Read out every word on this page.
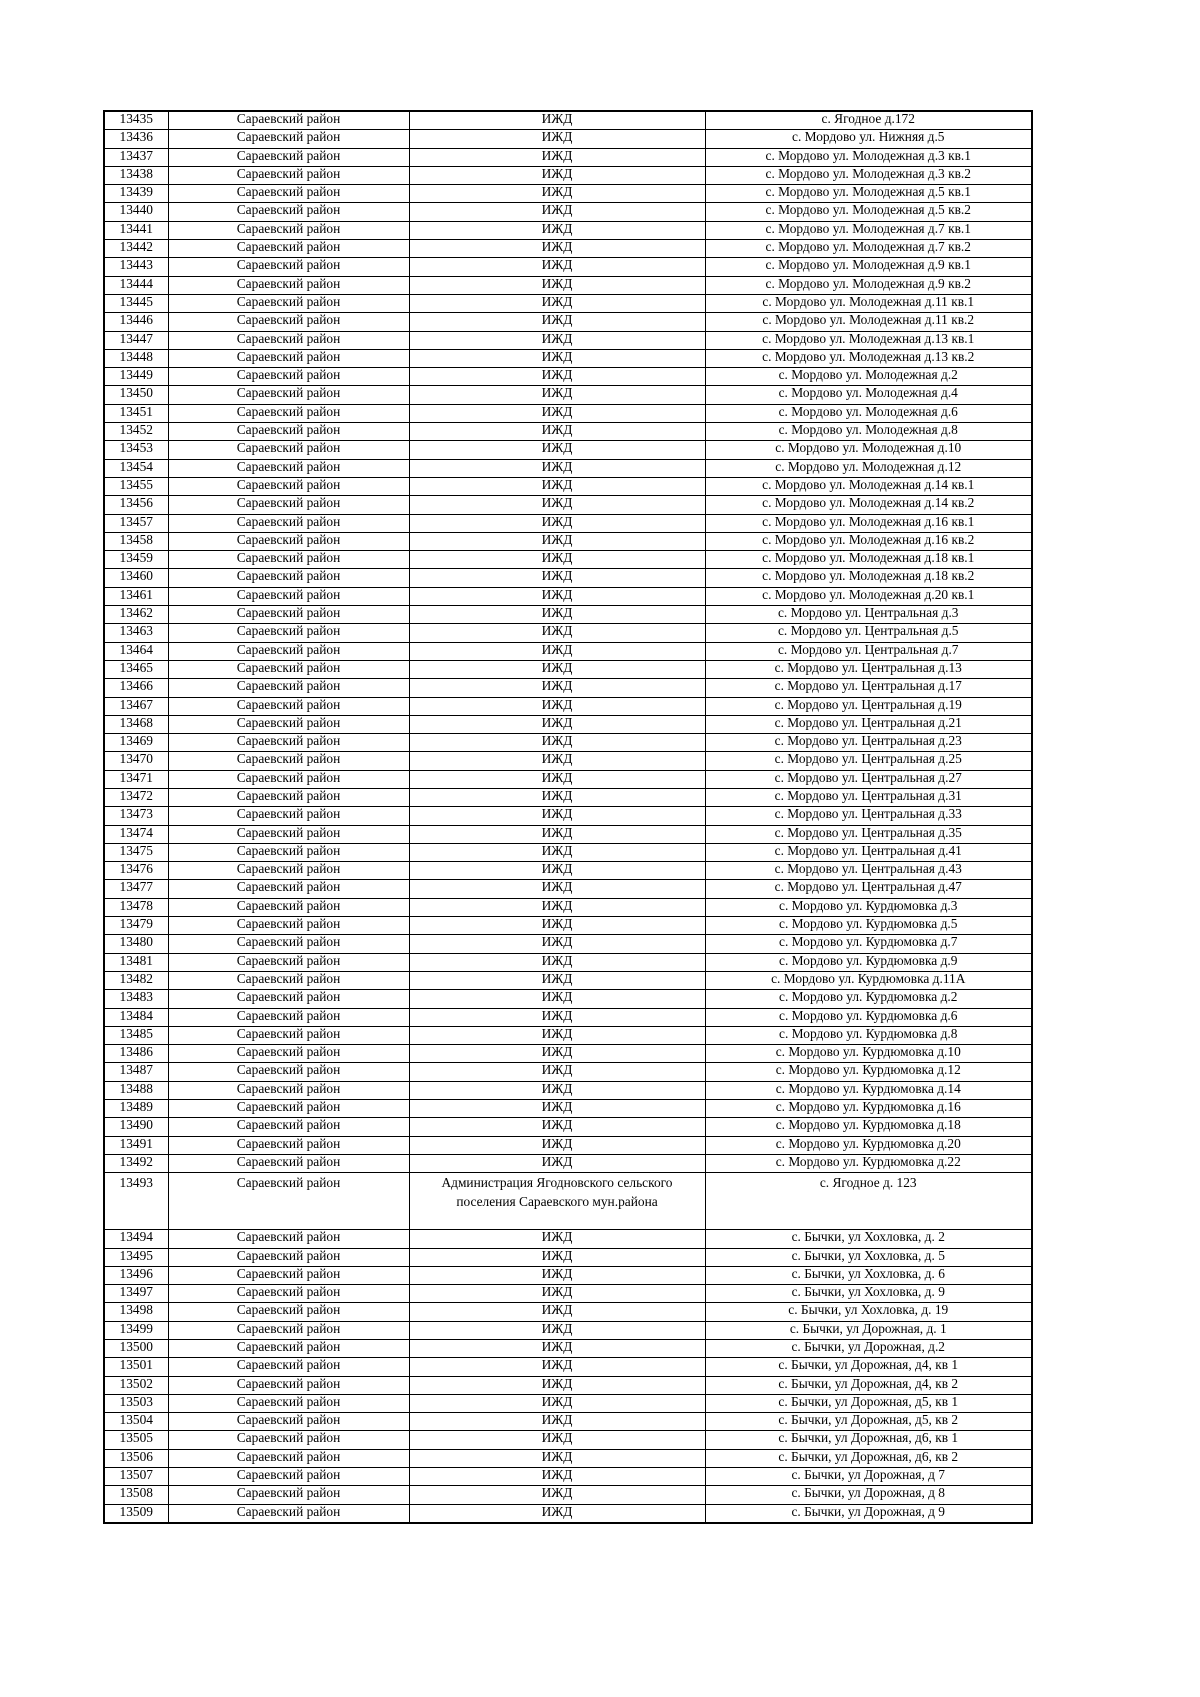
13435	Сараевский район	ИЖД	с. Ягодное д.172
13436	Сараевский район	ИЖД	с. Мордово ул. Нижняя д.5
13437	Сараевский район	ИЖД	с. Мордово ул. Молодежная д.3 кв.1
13438	Сараевский район	ИЖД	с. Мордово ул. Молодежная д.3 кв.2
13439	Сараевский район	ИЖД	с. Мордово ул. Молодежная д.5 кв.1
13440	Сараевский район	ИЖД	с. Мордово ул. Молодежная д.5 кв.2
13441	Сараевский район	ИЖД	с. Мордово ул. Молодежная д.7 кв.1
13442	Сараевский район	ИЖД	с. Мордово ул. Молодежная д.7 кв.2
13443	Сараевский район	ИЖД	с. Мордово ул. Молодежная д.9 кв.1
13444	Сараевский район	ИЖД	с. Мордово ул. Молодежная д.9 кв.2
13445	Сараевский район	ИЖД	с. Мордово ул. Молодежная д.11 кв.1
13446	Сараевский район	ИЖД	с. Мордово ул. Молодежная д.11 кв.2
13447	Сараевский район	ИЖД	с. Мордово ул. Молодежная д.13 кв.1
13448	Сараевский район	ИЖД	с. Мордово ул. Молодежная д.13 кв.2
13449	Сараевский район	ИЖД	с. Мордово ул. Молодежная д.2
13450	Сараевский район	ИЖД	с. Мордово ул. Молодежная д.4
13451	Сараевский район	ИЖД	с. Мордово ул. Молодежная д.6
13452	Сараевский район	ИЖД	с. Мордово ул. Молодежная д.8
13453	Сараевский район	ИЖД	с. Мордово ул. Молодежная д.10
13454	Сараевский район	ИЖД	с. Мордово ул. Молодежная д.12
13455	Сараевский район	ИЖД	с. Мордово ул. Молодежная д.14 кв.1
13456	Сараевский район	ИЖД	с. Мордово ул. Молодежная д.14 кв.2
13457	Сараевский район	ИЖД	с. Мордово ул. Молодежная д.16 кв.1
13458	Сараевский район	ИЖД	с. Мордово ул. Молодежная д.16 кв.2
13459	Сараевский район	ИЖД	с. Мордово ул. Молодежная д.18 кв.1
13460	Сараевский район	ИЖД	с. Мордово ул. Молодежная д.18 кв.2
13461	Сараевский район	ИЖД	с. Мордово ул. Молодежная д.20 кв.1
13462	Сараевский район	ИЖД	с. Мордово ул. Центральная д.3
13463	Сараевский район	ИЖД	с. Мордово ул. Центральная д.5
13464	Сараевский район	ИЖД	с. Мордово ул. Центральная д.7
13465	Сараевский район	ИЖД	с. Мордово ул. Центральная д.13
13466	Сараевский район	ИЖД	с. Мордово ул. Центральная д.17
13467	Сараевский район	ИЖД	с. Мордово ул. Центральная д.19
13468	Сараевский район	ИЖД	с. Мордово ул. Центральная д.21
13469	Сараевский район	ИЖД	с. Мордово ул. Центральная д.23
13470	Сараевский район	ИЖД	с. Мордово ул. Центральная д.25
13471	Сараевский район	ИЖД	с. Мордово ул. Центральная д.27
13472	Сараевский район	ИЖД	с. Мордово ул. Центральная д.31
13473	Сараевский район	ИЖД	с. Мордово ул. Центральная д.33
13474	Сараевский район	ИЖД	с. Мордово ул. Центральная д.35
13475	Сараевский район	ИЖД	с. Мордово ул. Центральная д.41
13476	Сараевский район	ИЖД	с. Мордово ул. Центральная д.43
13477	Сараевский район	ИЖД	с. Мордово ул. Центральная д.47
13478	Сараевский район	ИЖД	с. Мордово ул. Курдюмовка д.3
13479	Сараевский район	ИЖД	с. Мордово ул. Курдюмовка д.5
13480	Сараевский район	ИЖД	с. Мордово ул. Курдюмовка д.7
13481	Сараевский район	ИЖД	с. Мордово ул. Курдюмовка д.9
13482	Сараевский район	ИЖД	с. Мордово ул. Курдюмовка д.11А
13483	Сараевский район	ИЖД	с. Мордово ул. Курдюмовка д.2
13484	Сараевский район	ИЖД	с. Мордово ул. Курдюмовка д.6
13485	Сараевский район	ИЖД	с. Мордово ул. Курдюмовка д.8
13486	Сараевский район	ИЖД	с. Мордово ул. Курдюмовка д.10
13487	Сараевский район	ИЖД	с. Мордово ул. Курдюмовка д.12
13488	Сараевский район	ИЖД	с. Мордово ул. Курдюмовка д.14
13489	Сараевский район	ИЖД	с. Мордово ул. Курдюмовка д.16
13490	Сараевский район	ИЖД	с. Мордово ул. Курдюмовка д.18
13491	Сараевский район	ИЖД	с. Мордово ул. Курдюмовка д.20
13492	Сараевский район	ИЖД	с. Мордово ул. Курдюмовка д.22
13493	Сараевский район	Администрация Ягодновского сельского поселения Сараевского мун.района	с. Ягодное д. 123
13494	Сараевский район	ИЖД	с. Бычки, ул Хохловка, д. 2
13495	Сараевский район	ИЖД	с. Бычки, ул Хохловка, д. 5
13496	Сараевский район	ИЖД	с. Бычки, ул Хохловка, д. 6
13497	Сараевский район	ИЖД	с. Бычки, ул Хохловка, д. 9
13498	Сараевский район	ИЖД	с. Бычки, ул Хохловка, д. 19
13499	Сараевский район	ИЖД	с. Бычки, ул Дорожная, д. 1
13500	Сараевский район	ИЖД	с. Бычки, ул Дорожная, д.2
13501	Сараевский район	ИЖД	с. Бычки, ул Дорожная, д4, кв 1
13502	Сараевский район	ИЖД	с. Бычки, ул Дорожная, д4, кв 2
13503	Сараевский район	ИЖД	с. Бычки, ул Дорожная, д5, кв 1
13504	Сараевский район	ИЖД	с. Бычки, ул Дорожная, д5, кв 2
13505	Сараевский район	ИЖД	с. Бычки, ул Дорожная, д6, кв 1
13506	Сараевский район	ИЖД	с. Бычки, ул Дорожная, д6, кв 2
13507	Сараевский район	ИЖД	с. Бычки, ул Дорожная, д 7
13508	Сараевский район	ИЖД	с. Бычки, ул Дорожная, д 8
13509	Сараевский район	ИЖД	с. Бычки, ул Дорожная, д 9
